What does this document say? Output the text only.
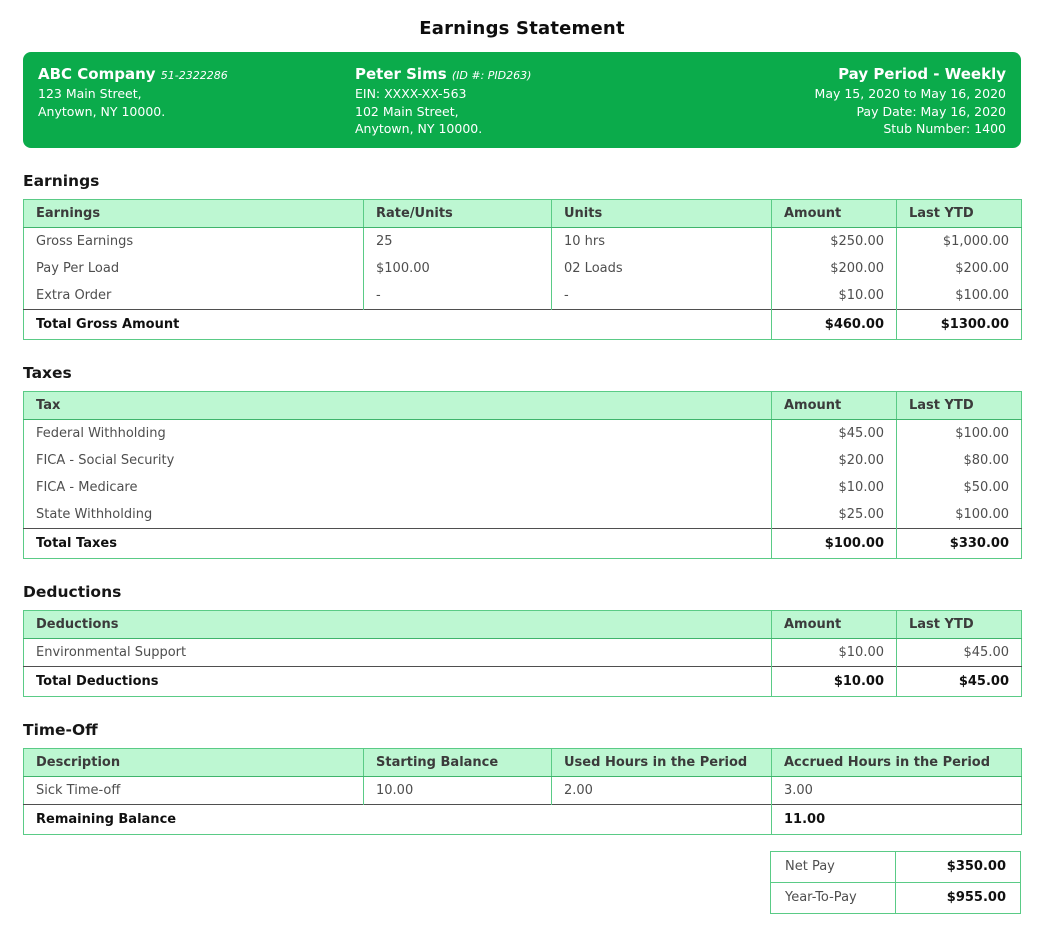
Earnings Statement
ABC Company 51-2322286
123 Main Street,
Anytown, NY 10000.
Peter Sims (ID #: PID263)
EIN: XXXX-XX-563
102 Main Street,
Anytown, NY 10000.
Pay Period - Weekly
May 15, 2020 to May 16, 2020
Pay Date: May 16, 2020
Stub Number: 1400
Earnings
Earnings	Rate/Units	Units	Amount	Last YTD
Gross Earnings	25	10 hrs	$250.00	$1,000.00
Pay Per Load	$100.00	02 Loads	$200.00	$200.00
Extra Order	-	-	$10.00	$100.00
Total Gross Amount			$460.00	$1300.00
Taxes
Tax	Amount	Last YTD
Federal Withholding	$45.00	$100.00
FICA - Social Security	$20.00	$80.00
FICA - Medicare	$10.00	$50.00
State Withholding	$25.00	$100.00
Total Taxes	$100.00	$330.00
Deductions
Deductions	Amount	Last YTD
Environmental Support	$10.00	$45.00
Total Deductions	$10.00	$45.00
Time-Off
Description	Starting Balance	Used Hours in the Period	Accrued Hours in the Period
Sick Time-off	10.00	2.00	3.00
Remaining Balance			11.00
Net Pay	$350.00
Year-To-Pay	$955.00
